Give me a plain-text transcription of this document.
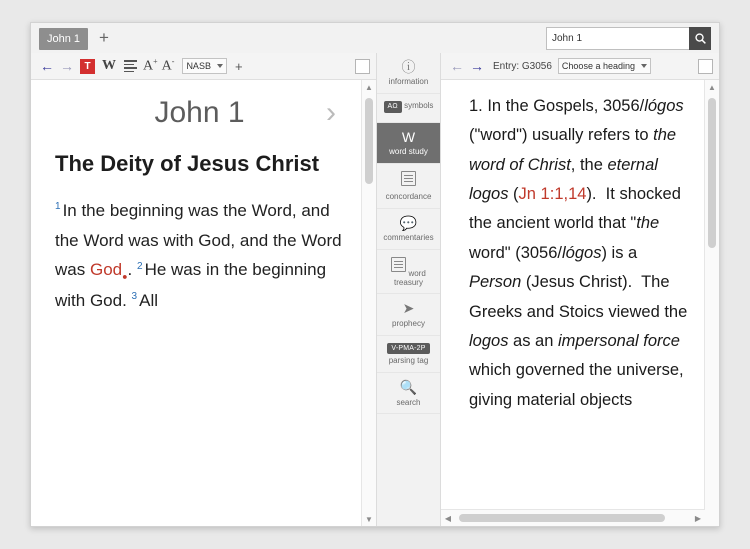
John 1	+
John 1
← →	T W A+ A- NASB +
John 1	›
The Deity of Jesus Christ
$^1$ In the beginning was the Word, and the Word was with God, and the Word was God$_●$. $^2$ He was in the beginning with God. $^3$ All
▲
▼
ⓘ
information
ΑΩ symbols
W
word study
concordance
💬
commentaries
word treasury
➤
prophecy
V-PMA-2P parsing tag
🔍
search
← → Entry: G3056 Choose a heading
1. In the Gospels, 3056/lógos ("word") usually refers to the word of Christ, the eternal logos (Jn 1:1,14).  It shocked the ancient world that "the word" (3056/lógos) is a Person (Jesus Christ).  The Greeks and Stoics viewed the logos as an impersonal force which governed the universe, giving material objects
▲
◀	▶
